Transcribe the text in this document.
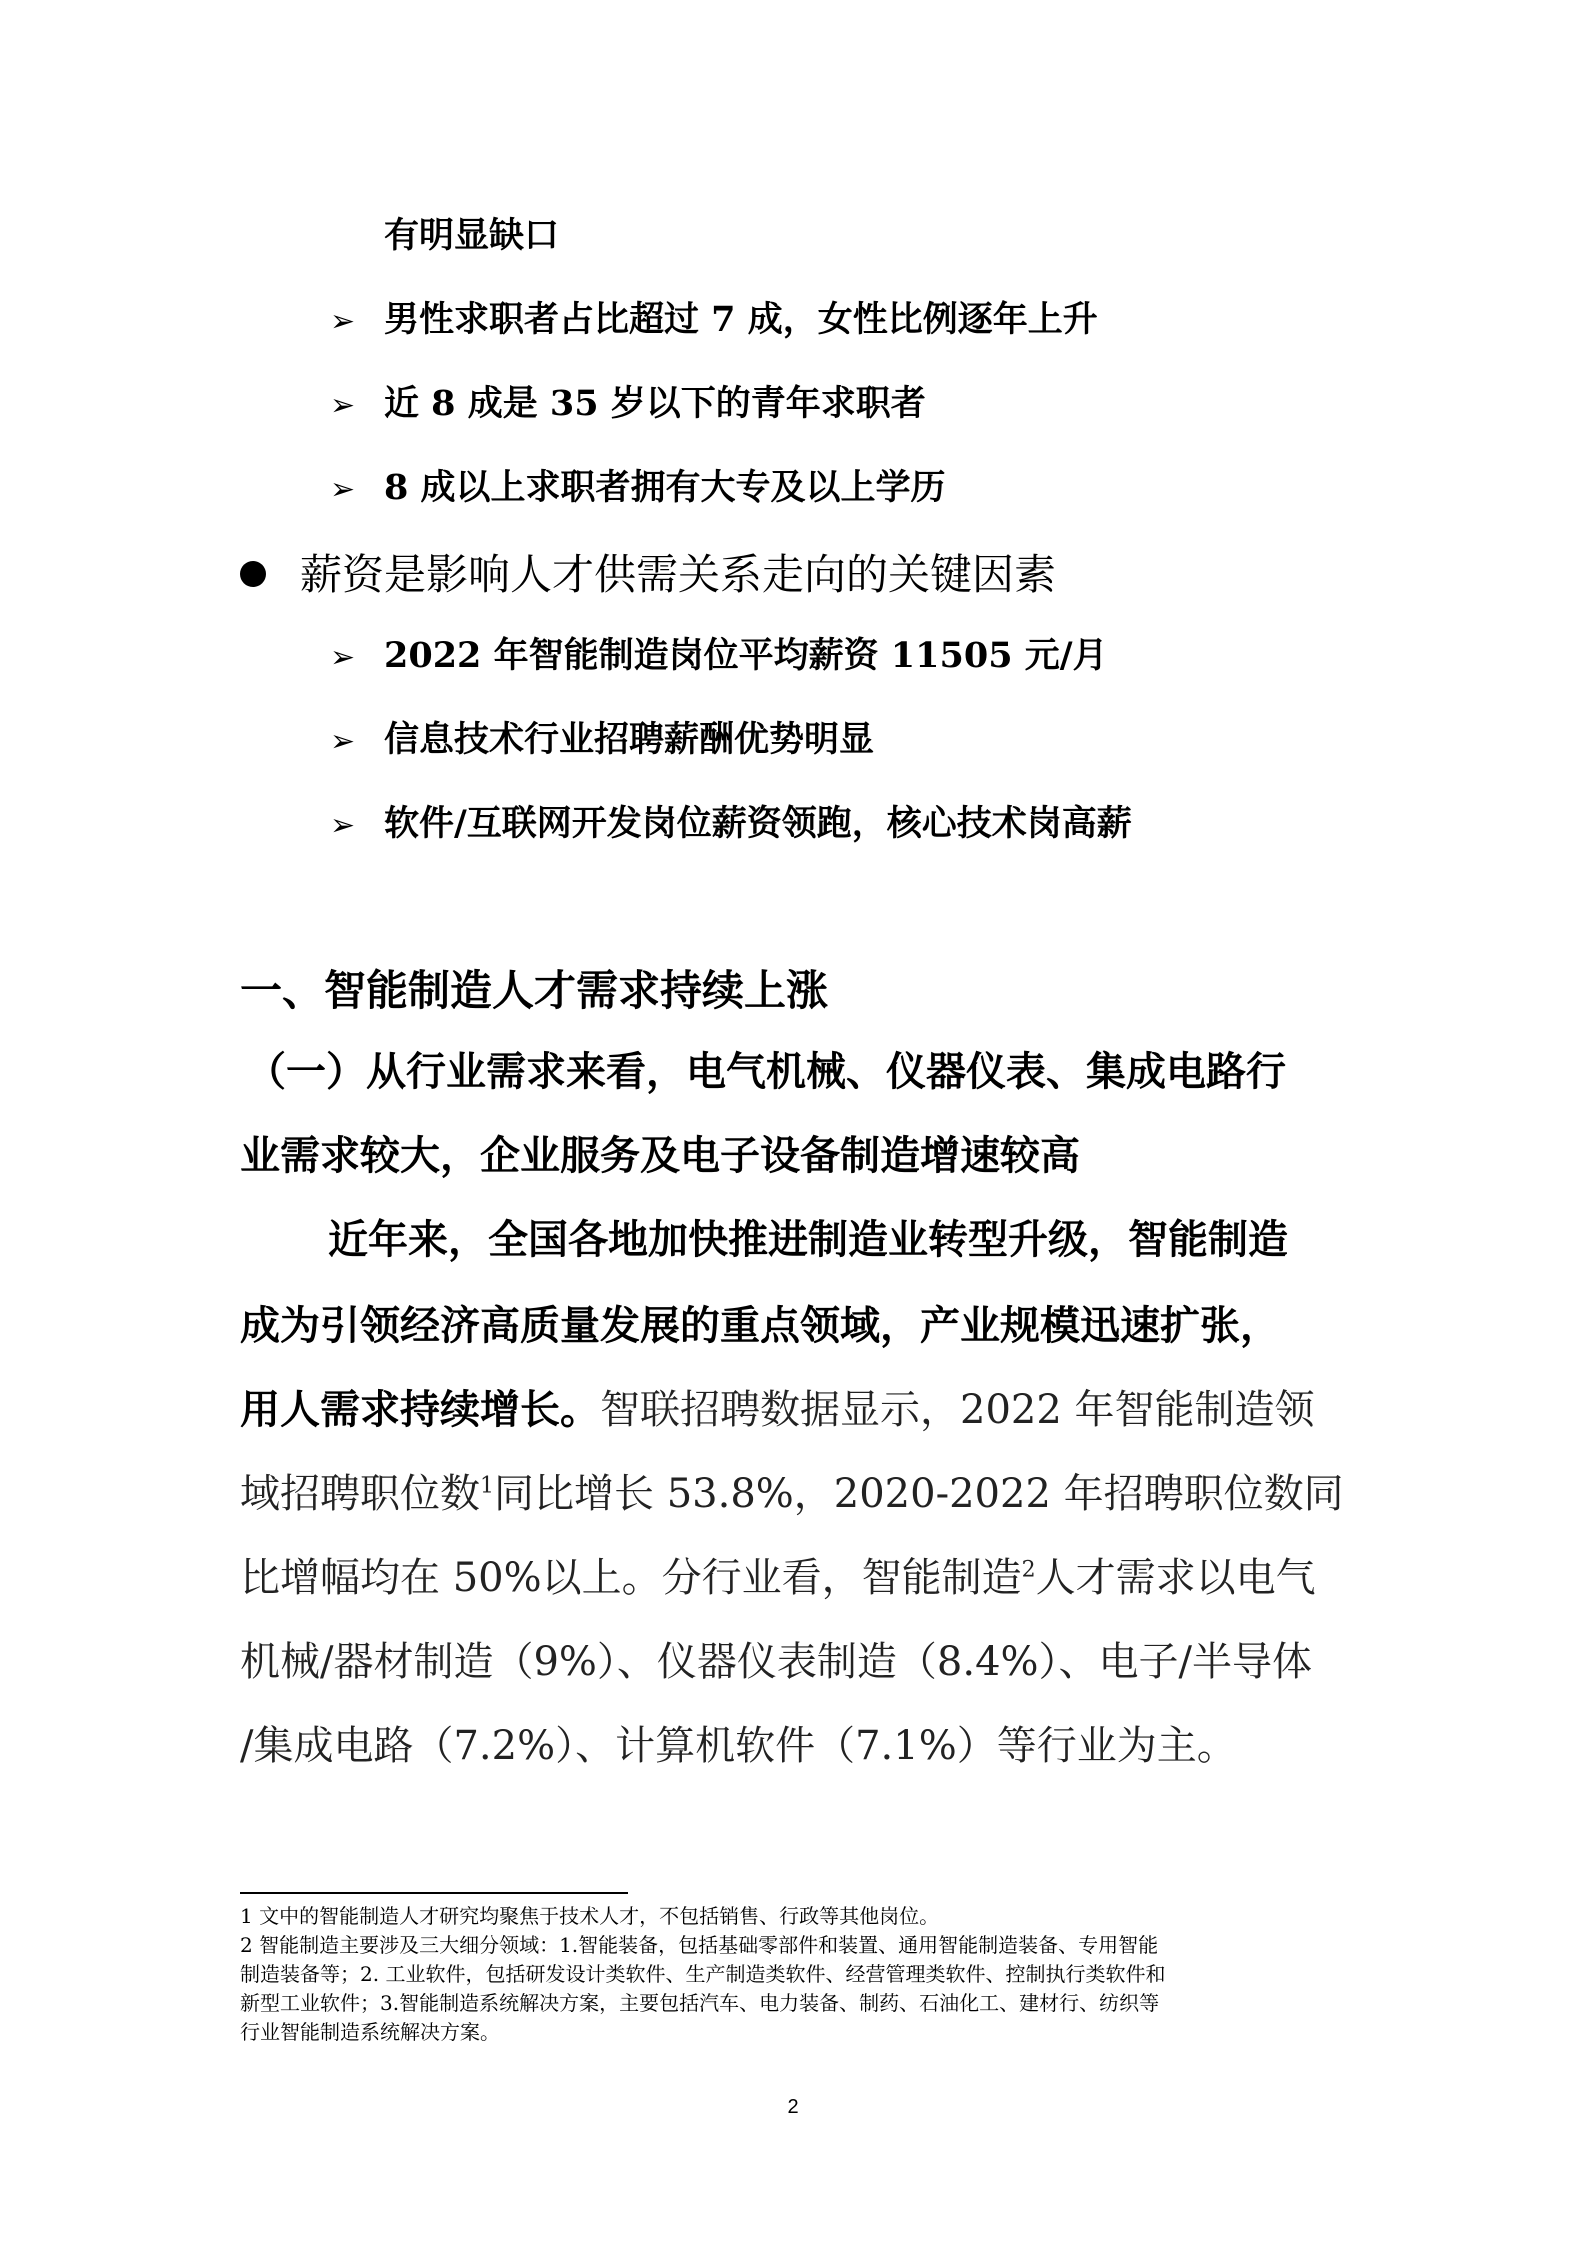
有明显缺口
➢ 男性求职者占比超过 7 成，女性比例逐年上升
➢ 近 8 成是 35 岁以下的青年求职者
➢ 8 成以上求职者拥有大专及以上学历
薪资是影响人才供需关系走向的关键因素
➢ 2022 年智能制造岗位平均薪资 11505 元/月
➢ 信息技术行业招聘薪酬优势明显
➢ 软件/互联网开发岗位薪资领跑，核心技术岗高薪
一、智能制造人才需求持续上涨
（一）从行业需求来看，电气机械、仪器仪表、集成电路行
业需求较大，企业服务及电子设备制造增速较高
近年来，全国各地加快推进制造业转型升级，智能制造
成为引领经济高质量发展的重点领域，产业规模迅速扩张，
用人需求持续增长。智联招聘数据显示，2022 年智能制造领
域招聘职位数$^1$同比增长 53.8%，2020-2022 年招聘职位数同
比增幅均在 50%以上。分行业看，智能制造$^2$人才需求以电气
机械/器材制造（9%）、仪器仪表制造（8.4%）、电子/半导体
/集成电路（7.2%）、计算机软件（7.1%）等行业为主。
1 文中的智能制造人才研究均聚焦于技术人才，不包括销售、行政等其他岗位。
2 智能制造主要涉及三大细分领域：1.智能装备，包括基础零部件和装置、通用智能制造装备、专用智能
制造装备等；2. 工业软件，包括研发设计类软件、生产制造类软件、经营管理类软件、控制执行类软件和
新型工业软件；3.智能制造系统解决方案，主要包括汽车、电力装备、制药、石油化工、建材行、纺织等
行业智能制造系统解决方案。
2
